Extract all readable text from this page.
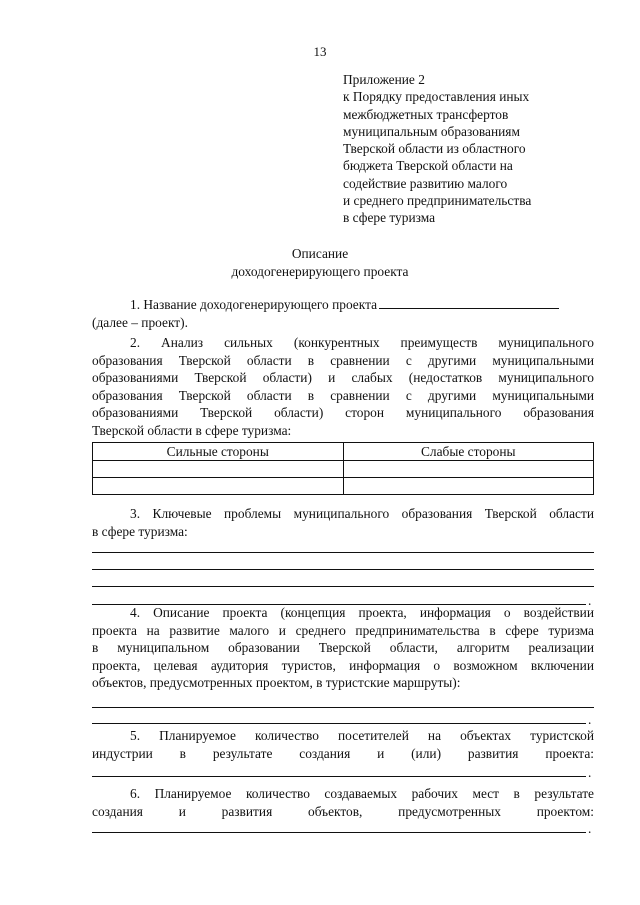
13
Приложение 2
к Порядку предоставления иных
межбюджетных трансфертов
муниципальным образованиям
Тверской области из областного
бюджета Тверской области на
содействие развитию малого
и среднего предпринимательства
в сфере туризма
Описание
доходогенерирующего проекта
1. Название доходогенерирующего проекта
(далее – проект).
2. Анализ сильных (конкурентных преимуществ муниципального
образования Тверской области в сравнении с другими муниципальными
образованиями Тверской области) и слабых (недостатков муниципального
образования Тверской области в сравнении с другими муниципальными
образованиями Тверской области) сторон муниципального образования
Тверской области в сфере туризма:
Сильные стороны	Слабые стороны

3. Ключевые проблемы муниципального образования Тверской области
в сфере туризма:
.
4. Описание проекта (концепция проекта, информация о воздействии
проекта на развитие малого и среднего предпринимательства в сфере туризма
в муниципальном образовании Тверской области, алгоритм реализации
проекта, целевая аудитория туристов, информация о возможном включении
объектов, предусмотренных проектом, в туристские маршруты):
.
5. Планируемое количество посетителей на объектах туристской
индустрии в результате создания и (или) развития проекта:
.
6. Планируемое количество создаваемых рабочих мест в результате
создания и развития объектов, предусмотренных проектом:
.
